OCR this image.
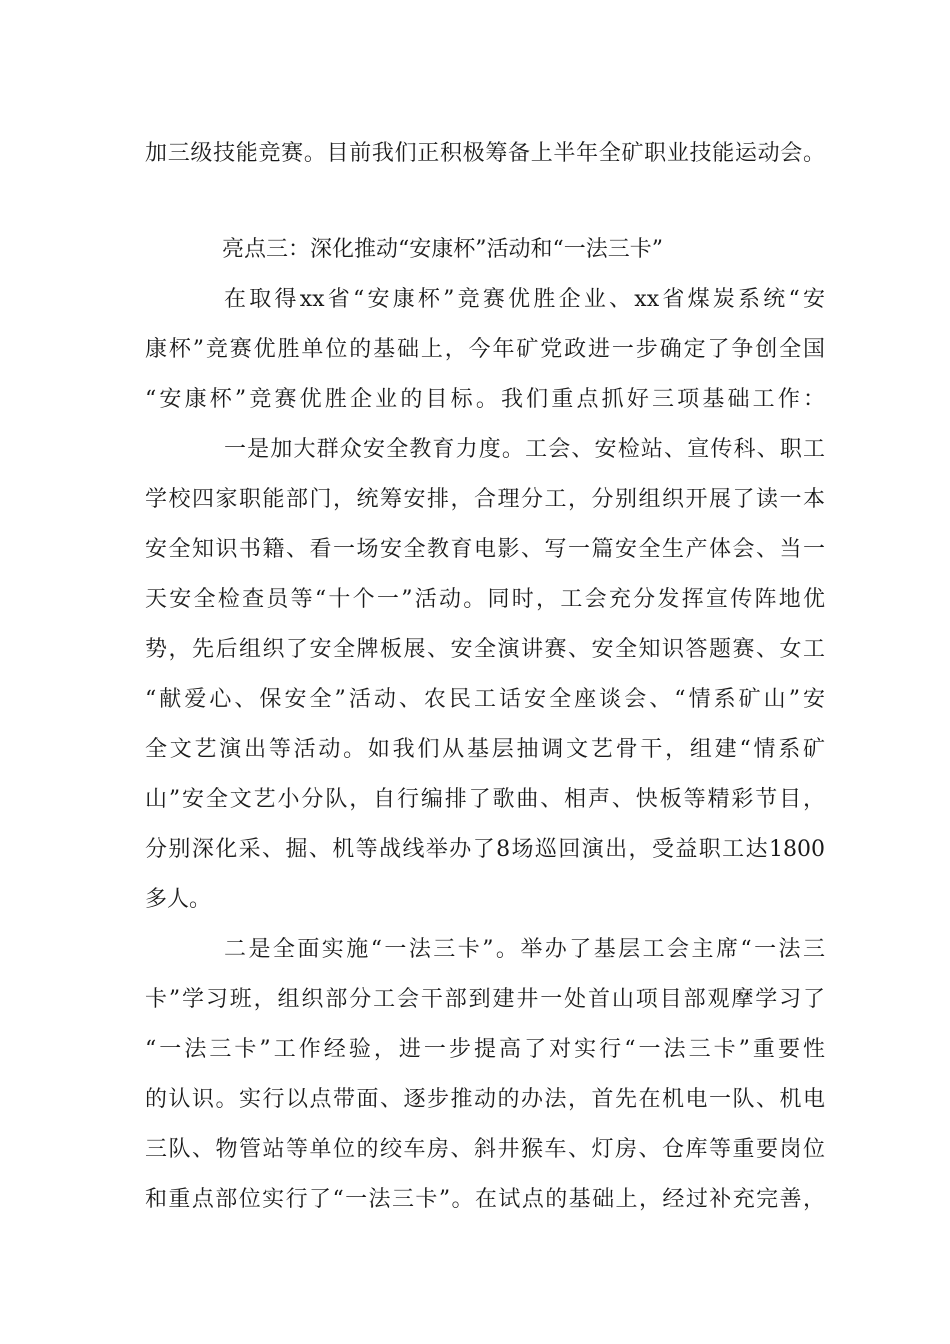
加三级技能竞赛。目前我们正积极筹备上半年全矿职业技能运动会。
亮点三：深化推动“安康杯”活动和“一法三卡”
在取得xx省“安康杯”竞赛优胜企业、xx省煤炭系统“安
康杯”竞赛优胜单位的基础上，今年矿党政进一步确定了争创全国
“安康杯”竞赛优胜企业的目标。我们重点抓好三项基础工作：
一是加大群众安全教育力度。工会、安检站、宣传科、职工
学校四家职能部门，统筹安排，合理分工，分别组织开展了读一本
安全知识书籍、看一场安全教育电影、写一篇安全生产体会、当一
天安全检查员等“十个一”活动。同时，工会充分发挥宣传阵地优
势，先后组织了安全牌板展、安全演讲赛、安全知识答题赛、女工
“献爱心、保安全”活动、农民工话安全座谈会、“情系矿山”安
全文艺演出等活动。如我们从基层抽调文艺骨干，组建“情系矿
山”安全文艺小分队，自行编排了歌曲、相声、快板等精彩节目，
分别深化采、掘、机等战线举办了8场巡回演出，受益职工达1800
多人。
二是全面实施“一法三卡”。举办了基层工会主席“一法三
卡”学习班，组织部分工会干部到建井一处首山项目部观摩学习了
“一法三卡”工作经验，进一步提高了对实行“一法三卡”重要性
的认识。实行以点带面、逐步推动的办法，首先在机电一队、机电
三队、物管站等单位的绞车房、斜井猴车、灯房、仓库等重要岗位
和重点部位实行了“一法三卡”。在试点的基础上，经过补充完善，
